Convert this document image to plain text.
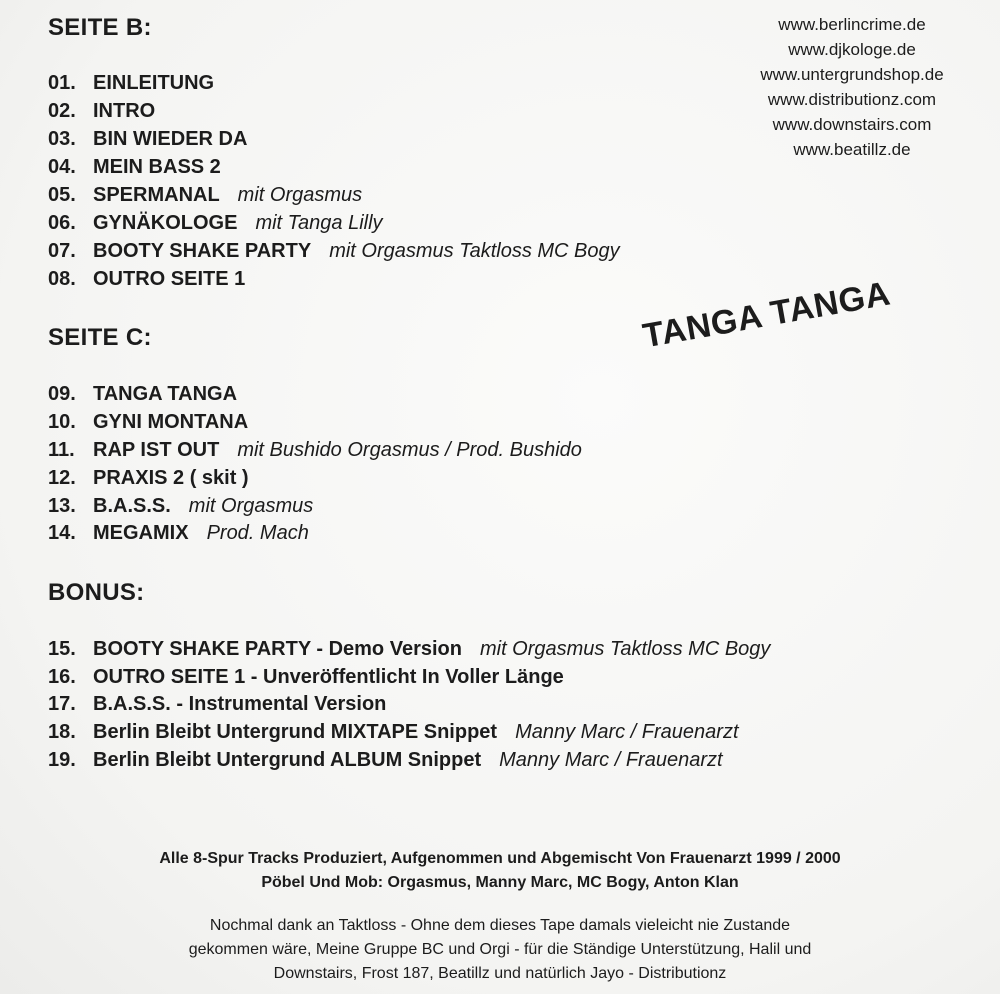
www.berlincrime.de
www.djkologe.de
www.untergrundshop.de
www.distributionz.com
www.downstairs.com
www.beatillz.de
TANGA TANGA
SEITE B:
01. EINLEITUNG
02. INTRO
03. BIN WIEDER DA
04. MEIN BASS 2
05. SPERMANAL mit Orgasmus
06. GYNÄKOLOGE mit Tanga Lilly
07. BOOTY SHAKE PARTY mit Orgasmus Taktloss MC Bogy
08. OUTRO SEITE 1
SEITE C:
09. TANGA TANGA
10. GYNI MONTANA
11. RAP IST OUT mit Bushido Orgasmus / Prod. Bushido
12. PRAXIS 2 ( skit )
13. B.A.S.S. mit Orgasmus
14. MEGAMIX Prod. Mach
BONUS:
15. BOOTY SHAKE PARTY - Demo Version mit Orgasmus Taktloss MC Bogy
16. OUTRO SEITE 1 - Unveröffentlicht In Voller Länge
17. B.A.S.S. - Instrumental Version
18. Berlin Bleibt Untergrund MIXTAPE Snippet Manny Marc / Frauenarzt
19. Berlin Bleibt Untergrund ALBUM Snippet Manny Marc / Frauenarzt
Alle 8-Spur Tracks Produziert, Aufgenommen und Abgemischt Von Frauenarzt 1999 / 2000
Pöbel Und Mob: Orgasmus, Manny Marc, MC Bogy, Anton Klan
Nochmal dank an Taktloss - Ohne dem dieses Tape damals vieleicht nie Zustande
gekommen wäre, Meine Gruppe BC und Orgi - für die Ständige Unterstützung, Halil und
Downstairs, Frost 187, Beatillz und natürlich Jayo - Distributionz
